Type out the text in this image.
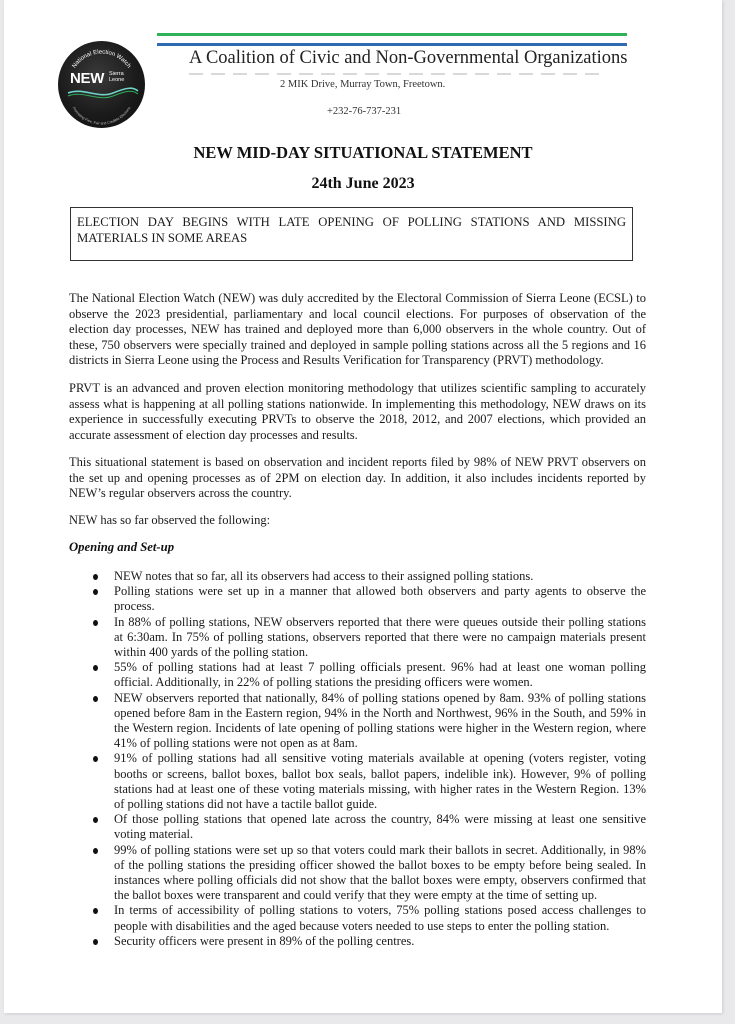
National Election Watch
Promoting Free, Fair and Credible Elections
NEW Sierra
Leone
A Coalition of Civic and Non-Governmental Organizations
2 MIK Drive, Murray Town, Freetown.
+232-76-737-231
NEW MID-DAY SITUATIONAL STATEMENT
24th June 2023
ELECTION DAY BEGINS WITH LATE OPENING OF POLLING STATIONS AND MISSING MATERIALS IN SOME AREAS
The National Election Watch (NEW) was duly accredited by the Electoral Commission of Sierra Leone (ECSL) to observe the 2023 presidential, parliamentary and local council elections. For purposes of observation of the election day processes, NEW has trained and deployed more than 6,000 observers in the whole country. Out of these, 750 observers were specially trained and deployed in sample polling stations across all the 5 regions and 16 districts in Sierra Leone using the Process and Results Verification for Transparency (PRVT) methodology.
PRVT is an advanced and proven election monitoring methodology that utilizes scientific sampling to accurately assess what is happening at all polling stations nationwide. In implementing this methodology, NEW draws on its experience in successfully executing PRVTs to observe the 2018, 2012, and 2007 elections, which provided an accurate assessment of election day processes and results.
This situational statement is based on observation and incident reports filed by 98% of NEW PRVT observers on the set up and opening processes as of 2PM on election day. In addition, it also includes incidents reported by NEW’s regular observers across the country.
NEW has so far observed the following:
Opening and Set-up
NEW notes that so far, all its observers had access to their assigned polling stations.
Polling stations were set up in a manner that allowed both observers and party agents to observe the process.
In 88% of polling stations, NEW observers reported that there were queues outside their polling stations at 6:30am. In 75% of polling stations, observers reported that there were no campaign materials present within 400 yards of the polling station.
55% of polling stations had at least 7 polling officials present. 96% had at least one woman polling official. Additionally, in 22% of polling stations the presiding officers were women.
NEW observers reported that nationally, 84% of polling stations opened by 8am. 93% of polling stations opened before 8am in the Eastern region, 94% in the North and Northwest, 96% in the South, and 59% in the Western region. Incidents of late opening of polling stations were higher in the Western region, where 41% of polling stations were not open as at 8am.
91% of polling stations had all sensitive voting materials available at opening (voters register, voting booths or screens, ballot boxes, ballot box seals, ballot papers, indelible ink). However, 9% of polling stations had at least one of these voting materials missing, with higher rates in the Western Region. 13% of polling stations did not have a tactile ballot guide.
Of those polling stations that opened late across the country, 84% were missing at least one sensitive voting material.
99% of polling stations were set up so that voters could mark their ballots in secret. Additionally, in 98% of the polling stations the presiding officer showed the ballot boxes to be empty before being sealed. In instances where polling officials did not show that the ballot boxes were empty, observers confirmed that the ballot boxes were transparent and could verify that they were empty at the time of setting up.
In terms of accessibility of polling stations to voters, 75% polling stations posed access challenges to people with disabilities and the aged because voters needed to use steps to enter the polling station.
Security officers were present in 89% of the polling centres.
